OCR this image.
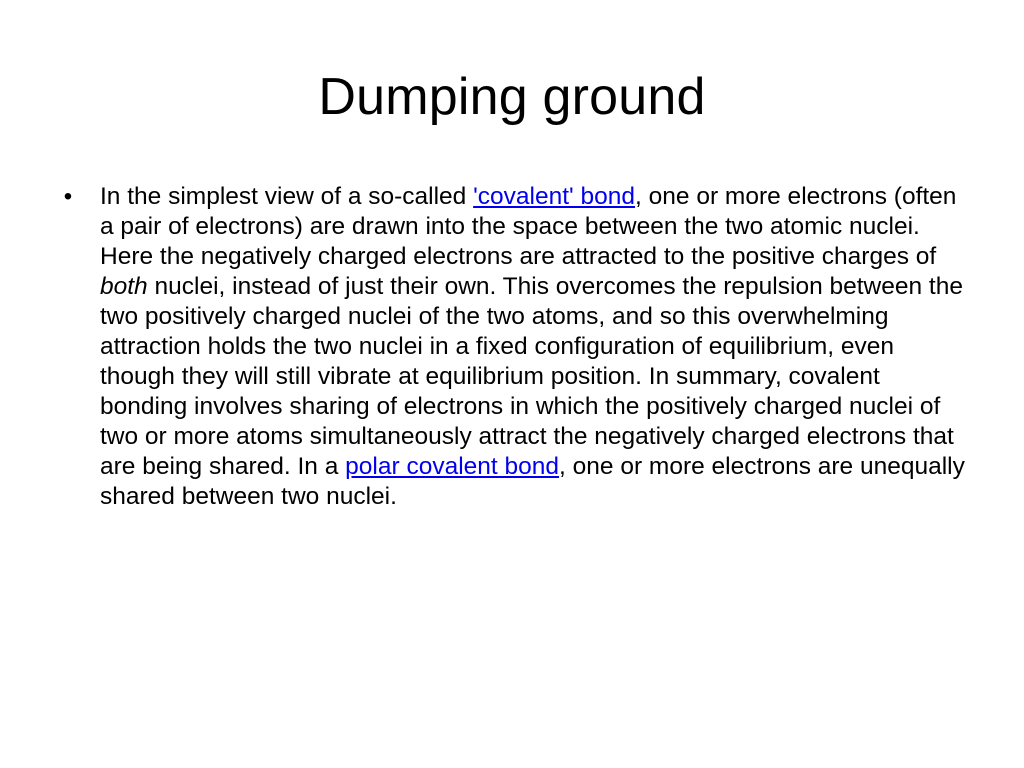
Dumping ground
• In the simplest view of a so-called 'covalent' bond, one or more electrons (often a pair of electrons) are drawn into the space between the two atomic nuclei. Here the negatively charged electrons are attracted to the positive charges of both nuclei, instead of just their own. This overcomes the repulsion between the two positively charged nuclei of the two atoms, and so this overwhelming attraction holds the two nuclei in a fixed configuration of equilibrium, even though they will still vibrate at equilibrium position. In summary, covalent bonding involves sharing of electrons in which the positively charged nuclei of two or more atoms simultaneously attract the negatively charged electrons that are being shared. In a polar covalent bond, one or more electrons are unequally shared between two nuclei.
